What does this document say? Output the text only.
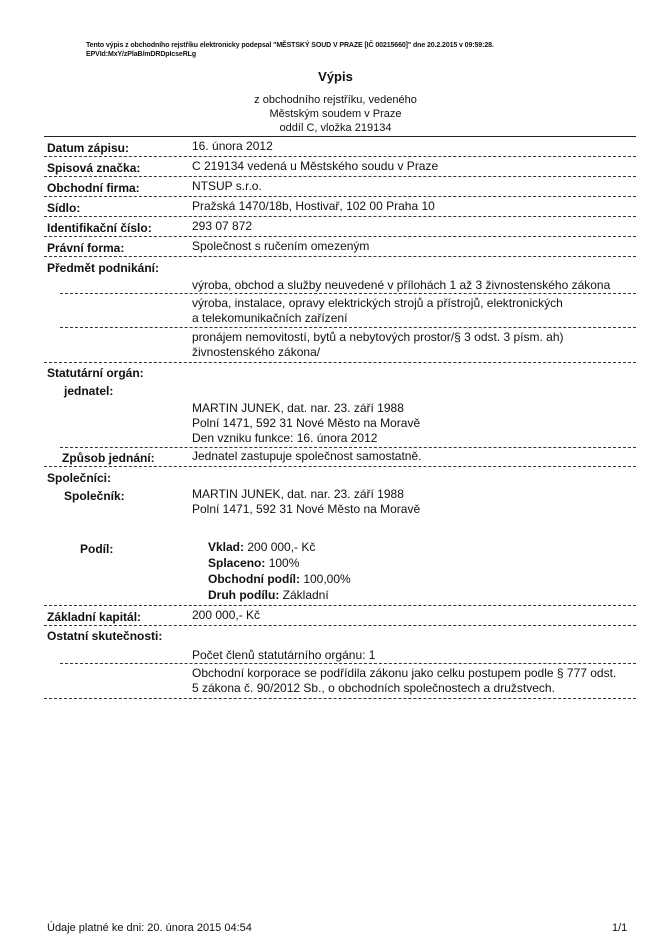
Tento výpis z obchodního rejstříku elektronicky podepsal "MĚSTSKÝ SOUD V PRAZE [IČ 00215660]" dne 20.2.2015 v 09:59:28.
EPVId:MxY/zPlaB/mDRDpIcseRLg
Výpis
z obchodního rejstříku, vedeného
Městským soudem v Praze
oddíl C, vložka 219134
Datum zápisu:	16. února 2012
Spisová značka:	C 219134 vedená u Městského soudu v Praze
Obchodní firma:	NTSUP s.r.o.
Sídlo:	Pražská 1470/18b, Hostivař, 102 00 Praha 10
Identifikační číslo:	293 07 872
Právní forma:	Společnost s ručením omezeným
Předmět podnikání:
výroba, obchod a služby neuvedené v přílohách 1 až 3 živnostenského zákona
výroba, instalace, opravy elektrických strojů a přístrojů, elektronických
a telekomunikačních zařízení
pronájem nemovitostí, bytů a nebytových prostor/§ 3 odst. 3 písm. ah)
živnostenského zákona/
Statutární orgán:
jednatel:
MARTIN JUNEK, dat. nar. 23. září 1988
Polní 1471, 592 31 Nové Město na Moravě
Den vzniku funkce: 16. února 2012
Způsob jednání:	Jednatel zastupuje společnost samostatně.
Společníci:
Společník:	MARTIN JUNEK, dat. nar. 23. září 1988
Polní 1471, 592 31 Nové Město na Moravě
Podíl:	Vklad: 200 000,- Kč
Splaceno: 100%
Obchodní podíl: 100,00%
Druh podílu: Základní
Základní kapitál:	200 000,- Kč
Ostatní skutečnosti:
Počet členů statutárního orgánu: 1
Obchodní korporace se podřídila zákonu jako celku postupem podle § 777 odst.
5 zákona č. 90/2012 Sb., o obchodních společnostech a družstvech.
Údaje platné ke dni: 20. února 2015 04:54	1/1
